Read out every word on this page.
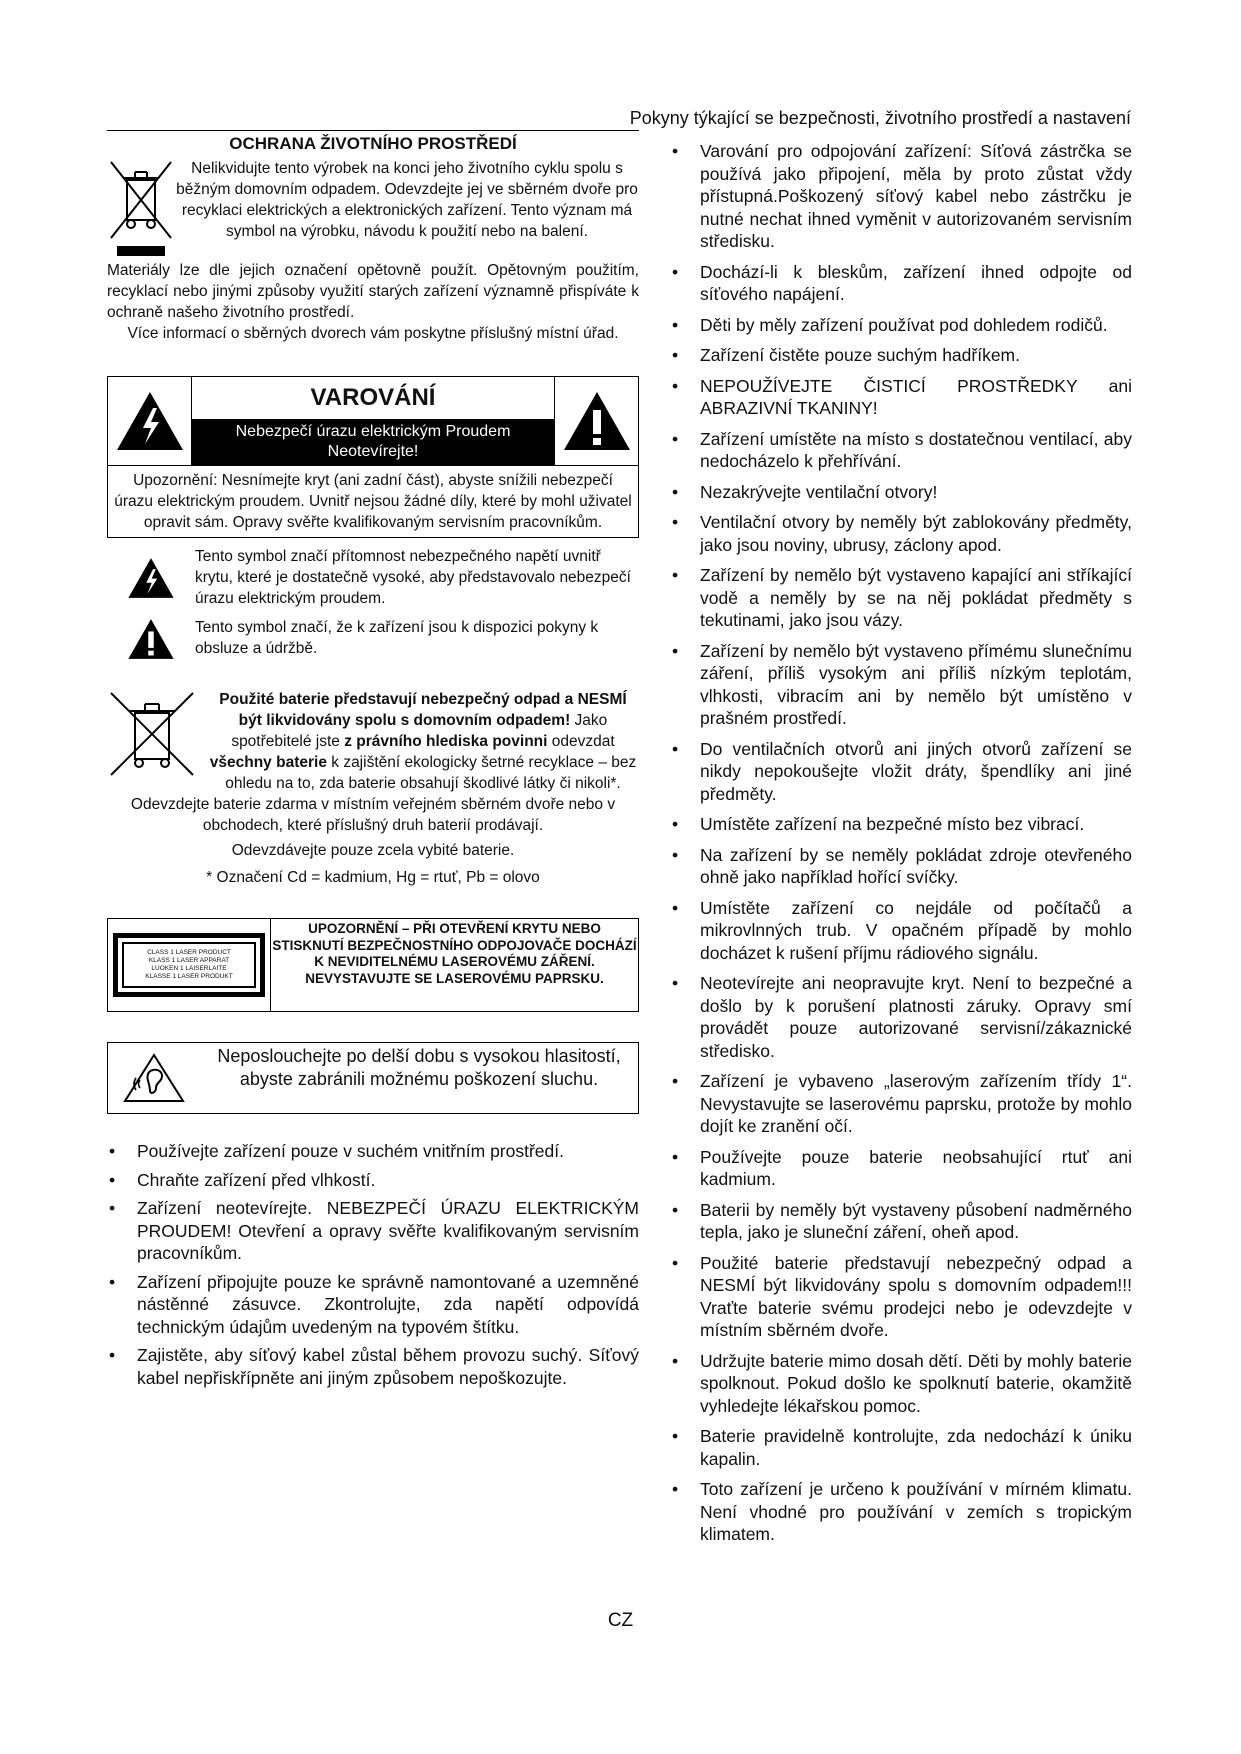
Pokyny týkající se bezpečnosti, životního prostředí a nastavení
OCHRANA ŽIVOTNÍHO PROSTŘEDÍ
Nelikvidujte tento výrobek na konci jeho životního cyklu spolu s běžným domovním odpadem. Odevzdejte jej ve sběrném dvoře pro recyklaci elektrických a elektronických zařízení. Tento význam má symbol na výrobku, návodu k použití nebo na balení.
Materiály lze dle jejich označení opětovně použít. Opětovným použitím, recyklací nebo jinými způsoby využití starých zařízení významně přispíváte k ochraně našeho životního prostředí.
Více informací o sběrných dvorech vám poskytne příslušný místní úřad.
VAROVÁNÍ
Nebezpečí úrazu elektrickým Proudem Neotevírejte!
Upozornění: Nesnímejte kryt (ani zadní část), abyste snížili nebezpečí úrazu elektrickým proudem. Uvnitř nejsou žádné díly, které by mohl uživatel opravit sám. Opravy svěřte kvalifikovaným servisním pracovníkům.
Tento symbol značí přítomnost nebezpečného napětí uvnitř krytu, které je dostatečně vysoké, aby představovalo nebezpečí úrazu elektrickým proudem.
Tento symbol značí, že k zařízení jsou k dispozici pokyny k obsluze a údržbě.
Použité baterie představují nebezpečný odpad a NESMÍ být likvidovány spolu s domovním odpadem! Jako spotřebitelé jste z právního hlediska povinni odevzdat všechny baterie k zajištění ekologicky šetrné recyklace – bez ohledu na to, zda baterie obsahují škodlivé látky či nikoli*.
Odevzdejte baterie zdarma v místním veřejném sběrném dvoře nebo v obchodech, které příslušný druh baterií prodávají.
Odevzdávejte pouze zcela vybité baterie.
* Označení Cd = kadmium, Hg = rtuť, Pb = olovo
CLASS 1 LASER PRODUCT
KLASS 1 LASER APPARAT
LUOKEN 1 LAISERLAITE
KLASSE 1 LASER PRODUKT
UPOZORNĚNÍ – PŘI OTEVŘENÍ KRYTU NEBO STISKNUTÍ BEZPEČNOSTNÍHO ODPOJOVAČE DOCHÁZÍ K NEVIDITELNÉMU LASEROVÉMU ZÁŘENÍ. NEVYSTAVUJTE SE LASEROVÉMU PAPRSKU.
Neposlouchejte po delší dobu s vysokou hlasitostí, abyste zabránili možnému poškození sluchu.
• Používejte zařízení pouze v suchém vnitřním prostředí.
• Chraňte zařízení před vlhkostí.
• Zařízení neotevírejte. NEBEZPEČÍ ÚRAZU ELEKTRICKÝM PROUDEM! Otevření a opravy svěřte kvalifikovaným servisním pracovníkům.
• Zařízení připojujte pouze ke správně namontované a uzemněné nástěnné zásuvce. Zkontrolujte, zda napětí odpovídá technickým údajům uvedeným na typovém štítku.
• Zajistěte, aby síťový kabel zůstal během provozu suchý. Síťový kabel nepřiskřípněte ani jiným způsobem nepoškozujte.
• Varování pro odpojování zařízení: Síťová zástrčka se používá jako připojení, měla by proto zůstat vždy přístupná.Poškozený síťový kabel nebo zástrčku je nutné nechat ihned vyměnit v autorizovaném servisním středisku.
• Dochází-li k bleskům, zařízení ihned odpojte od síťového napájení.
• Děti by měly zařízení používat pod dohledem rodičů.
• Zařízení čistěte pouze suchým hadříkem.
• NEPOUŽÍVEJTE ČISTICÍ PROSTŘEDKY ani ABRAZIVNÍ TKANINY!
• Zařízení umístěte na místo s dostatečnou ventilací, aby nedocházelo k přehřívání.
• Nezakrývejte ventilační otvory!
• Ventilační otvory by neměly být zablokovány předměty, jako jsou noviny, ubrusy, záclony apod.
• Zařízení by nemělo být vystaveno kapající ani stříkající vodě a neměly by se na něj pokládat předměty s tekutinami, jako jsou vázy.
• Zařízení by nemělo být vystaveno přímému slunečnímu záření, příliš vysokým ani příliš nízkým teplotám, vlhkosti, vibracím ani by nemělo být umístěno v prašném prostředí.
• Do ventilačních otvorů ani jiných otvorů zařízení se nikdy nepokoušejte vložit dráty, špendlíky ani jiné předměty.
• Umístěte zařízení na bezpečné místo bez vibrací.
• Na zařízení by se neměly pokládat zdroje otevřeného ohně jako například hořící svíčky.
• Umístěte zařízení co nejdále od počítačů a mikrovlnných trub. V opačném případě by mohlo docházet k rušení příjmu rádiového signálu.
• Neotevírejte ani neopravujte kryt. Není to bezpečné a došlo by k porušení platnosti záruky. Opravy smí provádět pouze autorizované servisní/zákaznické středisko.
• Zařízení je vybaveno „laserovým zařízením třídy 1“. Nevystavujte se laserovému paprsku, protože by mohlo dojít ke zranění očí.
• Používejte pouze baterie neobsahující rtuť ani kadmium.
• Baterii by neměly být vystaveny působení nadměrného tepla, jako je sluneční záření, oheň apod.
• Použité baterie představují nebezpečný odpad a NESMÍ být likvidovány spolu s domovním odpadem!!! Vraťte baterie svému prodejci nebo je odevzdejte v místním sběrném dvoře.
• Udržujte baterie mimo dosah dětí. Děti by mohly baterie spolknout. Pokud došlo ke spolknutí baterie, okamžitě vyhledejte lékařskou pomoc.
• Baterie pravidelně kontrolujte, zda nedochází k úniku kapalin.
• Toto zařízení je určeno k používání v mírném klimatu. Není vhodné pro používání v zemích s tropickým klimatem.
CZ
